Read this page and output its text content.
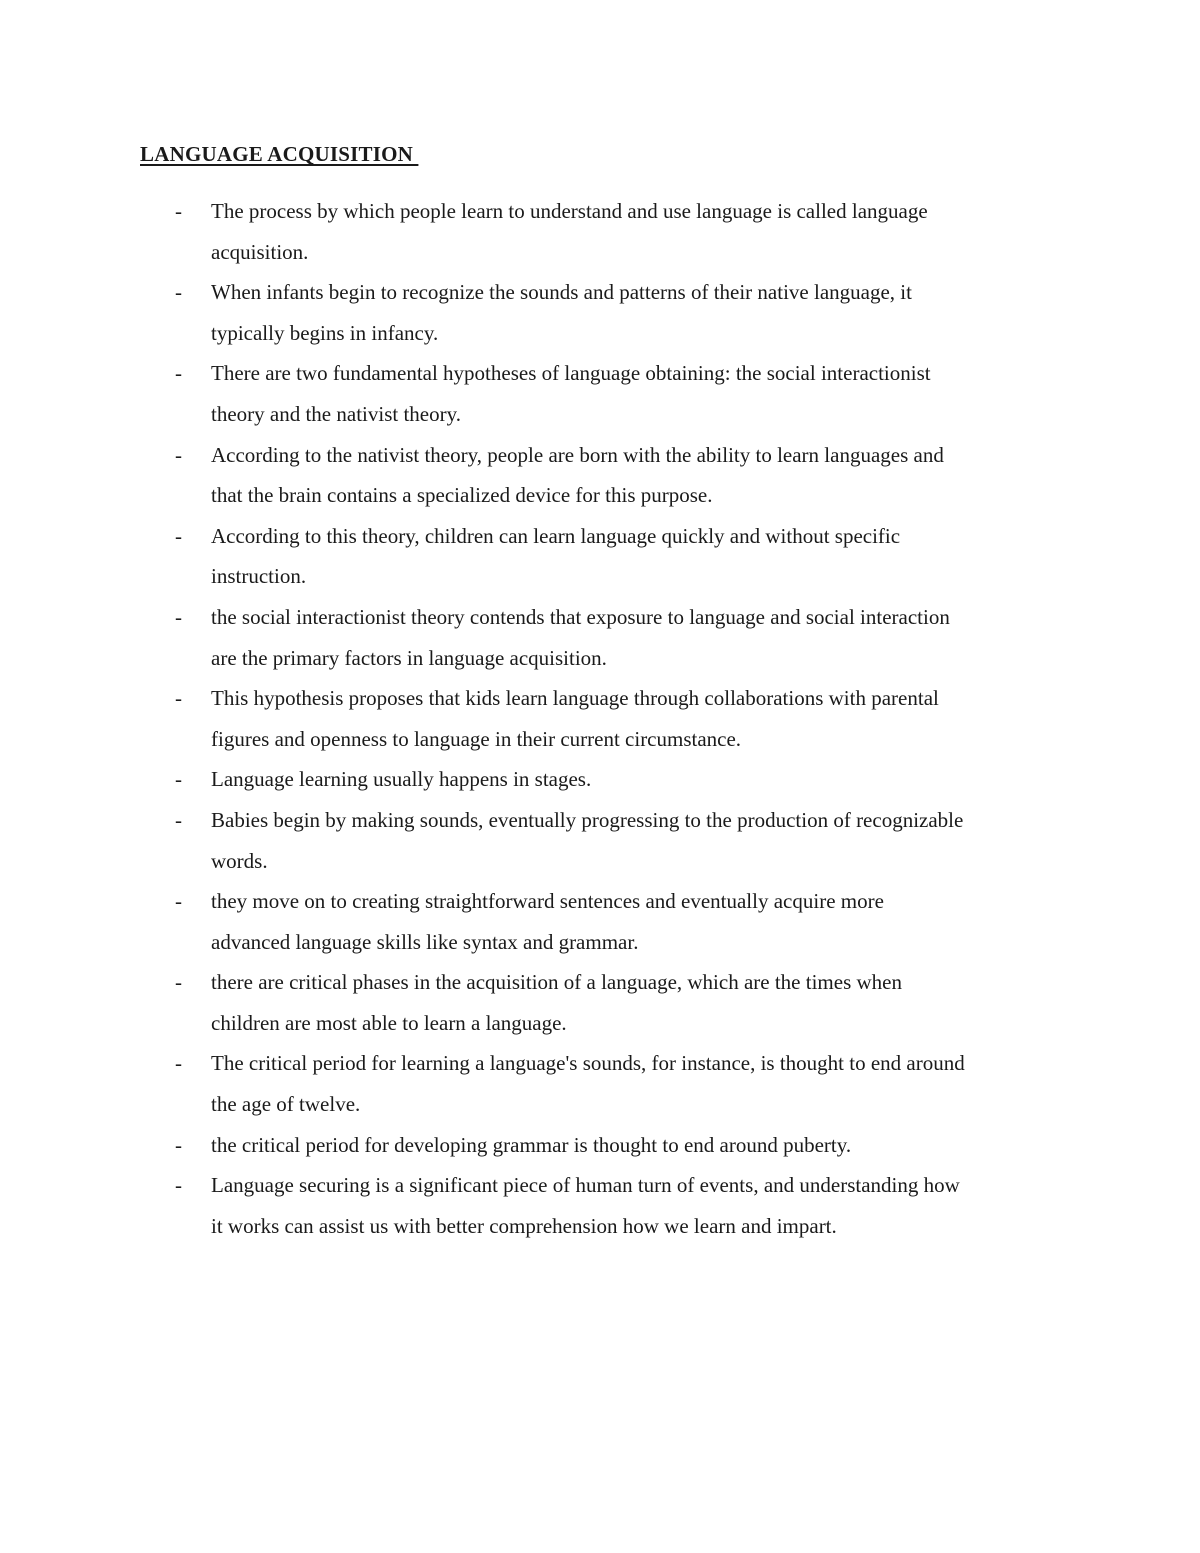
LANGUAGE ACQUISITION
- The process by which people learn to understand and use language is called language
acquisition.
- When infants begin to recognize the sounds and patterns of their native language, it
typically begins in infancy.
- There are two fundamental hypotheses of language obtaining: the social interactionist
theory and the nativist theory.
- According to the nativist theory, people are born with the ability to learn languages and
that the brain contains a specialized device for this purpose.
- According to this theory, children can learn language quickly and without specific
instruction.
- the social interactionist theory contends that exposure to language and social interaction
are the primary factors in language acquisition.
- This hypothesis proposes that kids learn language through collaborations with parental
figures and openness to language in their current circumstance.
- Language learning usually happens in stages.
- Babies begin by making sounds, eventually progressing to the production of recognizable
words.
- they move on to creating straightforward sentences and eventually acquire more
advanced language skills like syntax and grammar.
- there are critical phases in the acquisition of a language, which are the times when
children are most able to learn a language.
- The critical period for learning a language's sounds, for instance, is thought to end around
the age of twelve.
- the critical period for developing grammar is thought to end around puberty.
- Language securing is a significant piece of human turn of events, and understanding how
it works can assist us with better comprehension how we learn and impart.
